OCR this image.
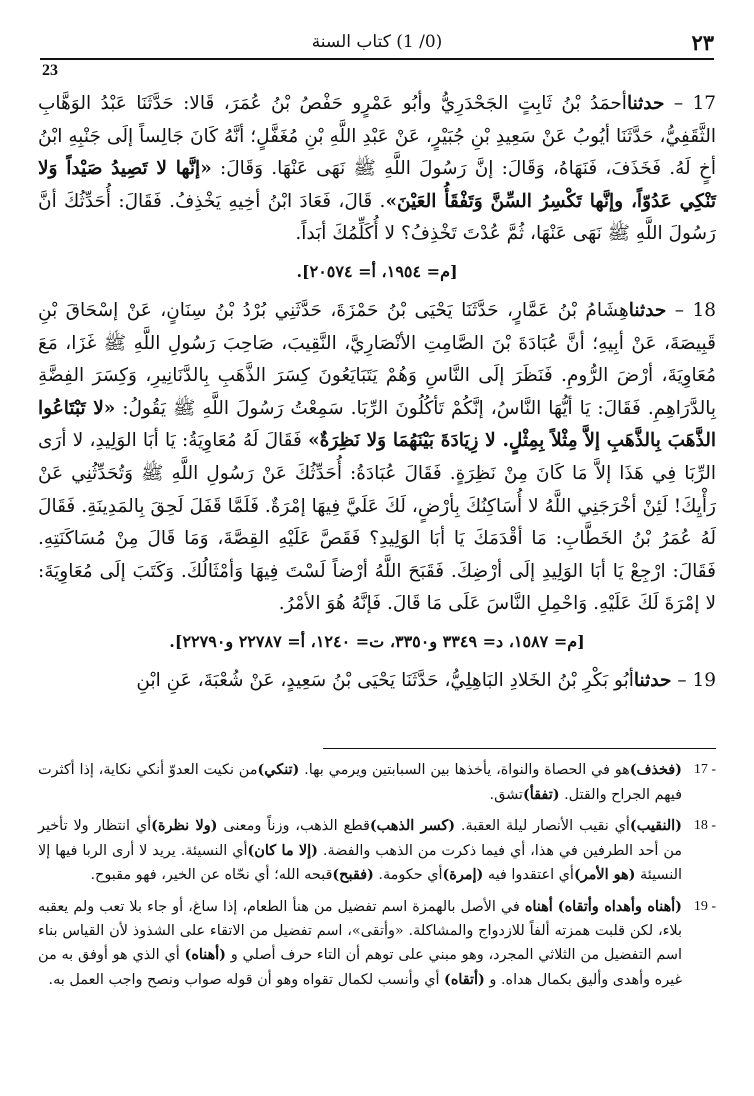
٢٣
(0/ 1) كتاب السنة
23

17 – حدثناأحمَدُ بْنُ ثَابِتٍ الجَحْدَرِيُّ وأبُو عَمْرٍو حَفْصُ بْنُ عُمَرَ، قَالا: حَدَّثَنَا عَبْدُ الوَهَّابِ الثَّقَفِيُّ، حَدَّثَنَا أيُوبُ عَنْ سَعِيدِ بْنِ جُبَيْرٍ، عَنْ عَبْدِ اللَّهِ بْنِ مُغَفَّلٍ؛ أنَّهُ كَانَ جَالِساً إلَى جَنْبِهِ ابْنُ أخٍ لَهُ. فَخَذَفَ، فَنَهَاهُ، وَقَالَ: إنَّ رَسُولَ اللَّهِ ﷺ نَهَى عَنْهَا. وَقَالَ: «إنَّها لا تَصِيدُ صَيْداً وَلا تَنْكِي عَدُوّاً، وإنَّها تَكْسِرُ السِّنَّ وَتَفْقَأُ العَيْنَ». قَالَ، فَعَادَ ابْنُ أخِيهِ يَخْذِفُ. فَقَالَ: أُحَدِّثُكَ أنَّ رَسُولَ اللَّهِ ﷺ نَهَى عَنْهَا، ثُمَّ عُدْتَ تَخْذِفُ؟ لا أُكَلِّمُكَ أبَداً.

[م= ١٩٥٤، أ= ٢٠٥٧٤].

18 – حدثناهِشَامُ بْنُ عَمَّارٍ، حَدَّثَنَا يَحْيَى بْنُ حَمْزَةَ، حَدَّثَنِي بُرْدُ بْنُ سِنَانٍ، عَنْ إسْحَاقَ بْنِ قَبِيصَةَ، عَنْ أبِيهِ؛ أنَّ عُبَادَةَ بْنَ الصَّامِتِ الأنْصَارِيَّ، النَّقِيبَ، صَاحِبَ رَسُولِ اللَّهِ ﷺ غَزَا، مَعَ مُعَاوِيَةَ، أرْضَ الرُّومِ. فَنَظَرَ إلَى النَّاسِ وَهُمْ يَتَبَايَعُونَ كِسَرَ الذَّهَبِ بِالدَّنَانِيرِ، وَكِسَرَ الفِضَّةِ بِالدَّرَاهِمِ. فَقَالَ: يَا أيُّهَا النَّاسُ، إنَّكُمْ تَأكُلُونَ الرِّبَا. سَمِعْتُ رَسُولَ اللَّهِ ﷺ يَقُولُ: «لا تَبْتَاعُوا الذَّهَبَ بِالذَّهَبِ إلاَّ مِثْلاً بِمِثْلٍ. لا زِيَادَةَ بَيْنَهُمَا وَلا نَظِرَةٌ» فَقَالَ لَهُ مُعَاوِيَةُ: يَا أبَا الوَلِيدِ، لا أرَى الرِّبَا فِي هَذَا إلاَّ مَا كَانَ مِنْ نَظِرَةٍ. فَقَالَ عُبَادَةُ: أُحَدِّثُكَ عَنْ رَسُولِ اللَّهِ ﷺ وَتُحَدِّثُنِي عَنْ رَأْيِكَ! لَئِنْ أخْرَجَنِي اللَّهُ لا أُسَاكِنُكَ بِأرْضٍ، لَكَ عَلَيَّ فِيهَا إمْرَةٌ. فَلَمَّا قَفَلَ لَحِقَ بِالمَدِينَةِ. فَقَالَ لَهُ عُمَرُ بْنُ الخَطَّابِ: مَا أقْدَمَكَ يَا أبَا الوَلِيدِ؟ فَقَصَّ عَلَيْهِ القِصَّةَ، وَمَا قَالَ مِنْ مُسَاكَنَتِهِ. فَقَالَ: ارْجِعْ يَا أبَا الوَلِيدِ إلَى أرْضِكَ. فَقَبَحَ اللَّهُ أرْضاً لَسْتَ فِيهَا وَأمْثَالُكَ. وَكَتَبَ إلَى مُعَاوِيَةَ: لا إمْرَةَ لَكَ عَلَيْهِ. وَاحْمِلِ النَّاسَ عَلَى مَا قَالَ. فَإنَّهُ هُوَ الأمْرُ.

[م= ١٥٨٧، د= ٣٣٤٩ و٣٣٥٠، ت= ١٢٤٠، أ= ٢٢٧٨٧ و٢٢٧٩٠].

19 – حدثناأبُو بَكْرِ بْنُ الخَلادِ البَاهِلِيُّ، حَدَّثَنَا يَحْيَى بْنُ سَعِيدٍ، عَنْ شُعْبَةَ، عَنِ ابْنِ

17 -
(فخذف)هو في الحصاة والنواة، يأخذها بين السبابتين ويرمي بها. (تنكي)من نكيت العدوّ أنكي نكاية، إذا أكثرت فيهم الجراح والقتل. (تفقأ)تشق.

18 -
(النقيب)أي نقيب الأنصار ليلة العقبة. (كسر الذهب)قطع الذهب، وزناً ومعنى (ولا نظرة)أي انتظار ولا تأخير من أحد الطرفين في هذا، أي فيما ذكرت من الذهب والفضة. (إلا ما كان)أي النسيئة. يريد لا أرى الربا فيها إلا النسيئة (هو الأمر)أي اعتقدوا فيه (إمرة)أي حكومة. (فقبح)قبحه الله؛ أي نحّاه عن الخير، فهو مقبوح.

19 -
(أهناه وأهداه وأتقاه) أهناه في الأصل بالهمزة اسم تفضيل من هنأ الطعام، إذا ساغ، أو جاء بلا تعب ولم يعقبه بلاء، لكن قلبت همزته ألفاً للازدواج والمشاكلة. «وأتقى»، اسم تفضيل من الاتقاء على الشذوذ لأن القياس بناء اسم التفضيل من الثلاثي المجرد، وهو مبني على توهم أن التاء حرف أصلي و (أهناه) أي الذي هو أوفق به من غيره وأهدى وأليق بكمال هداه. و (أتقاه) أي وأنسب لكمال تقواه وهو أن قوله صواب ونصح واجب العمل به.
